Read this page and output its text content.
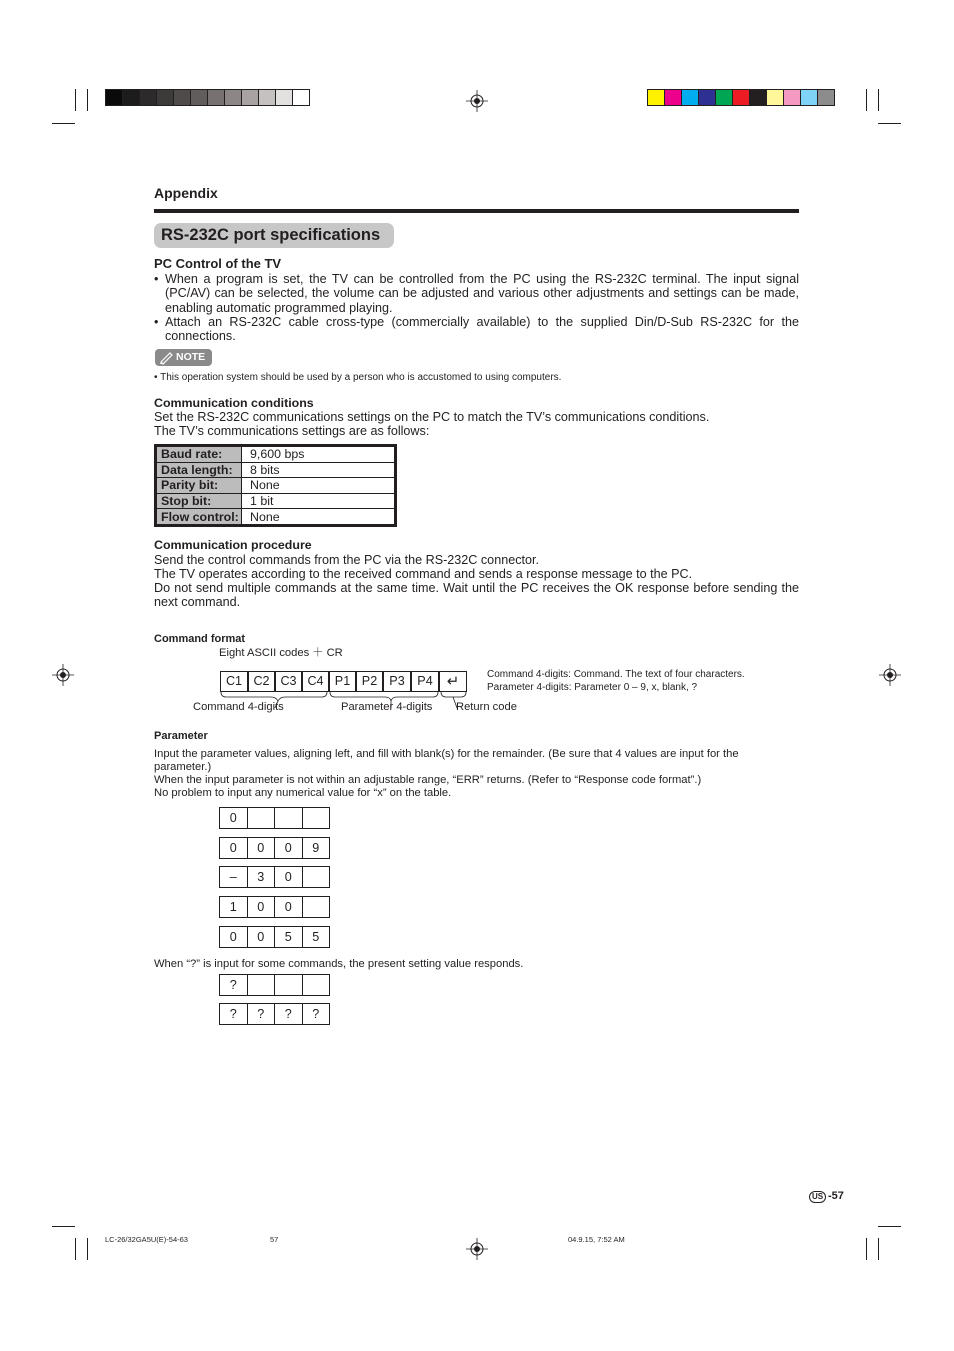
Appendix
RS-232C port specifications
PC Control of the TV
• When a program is set, the TV can be controlled from the PC using the RS-232C terminal. The input signal (PC/AV) can be selected, the volume can be adjusted and various other adjustments and settings can be made, enabling automatic programmed playing.
• Attach an RS-232C cable cross-type (commercially available) to the supplied Din/D-Sub RS-232C for the connections.
NOTE
• This operation system should be used by a person who is accustomed to using computers.
Communication conditions
Set the RS-232C communications settings on the PC to match the TV’s communications conditions.
The TV’s communications settings are as follows:
Baud rate:	9,600 bps
Data length:	8 bits
Parity bit:	None
Stop bit:	1 bit
Flow control:	None
Communication procedure
Send the control commands from the PC via the RS-232C connector.
The TV operates according to the received command and sends a response message to the PC.
Do not send multiple commands at the same time. Wait until the PC receives the OK response before sending the next command.
Command format
Eight ASCII codes ＋ CR
C1 C2 C3 C4 P1 P2 P3 P4 ↵
Command 4-digits	Parameter 4-digits Return code
Command 4-digits: Command. The text of four characters.
Parameter 4-digits: Parameter 0 – 9, x, blank, ?
Parameter
Input the parameter values, aligning left, and fill with blank(s) for the remainder. (Be sure that 4 values are input for the
parameter.)
When the input parameter is not within an adjustable range, “ERR” returns. (Refer to “Response code format”.)
No problem to input any numerical value for “x” on the table.
0
0	0	0	9
–	3	0
1	0	0
0	0	5	5
When “?” is input for some commands, the present setting value responds.
?
?	?	?	?
US -57
LC-26/32GA5U(E)-54-63	57	04.9.15, 7:52 AM
